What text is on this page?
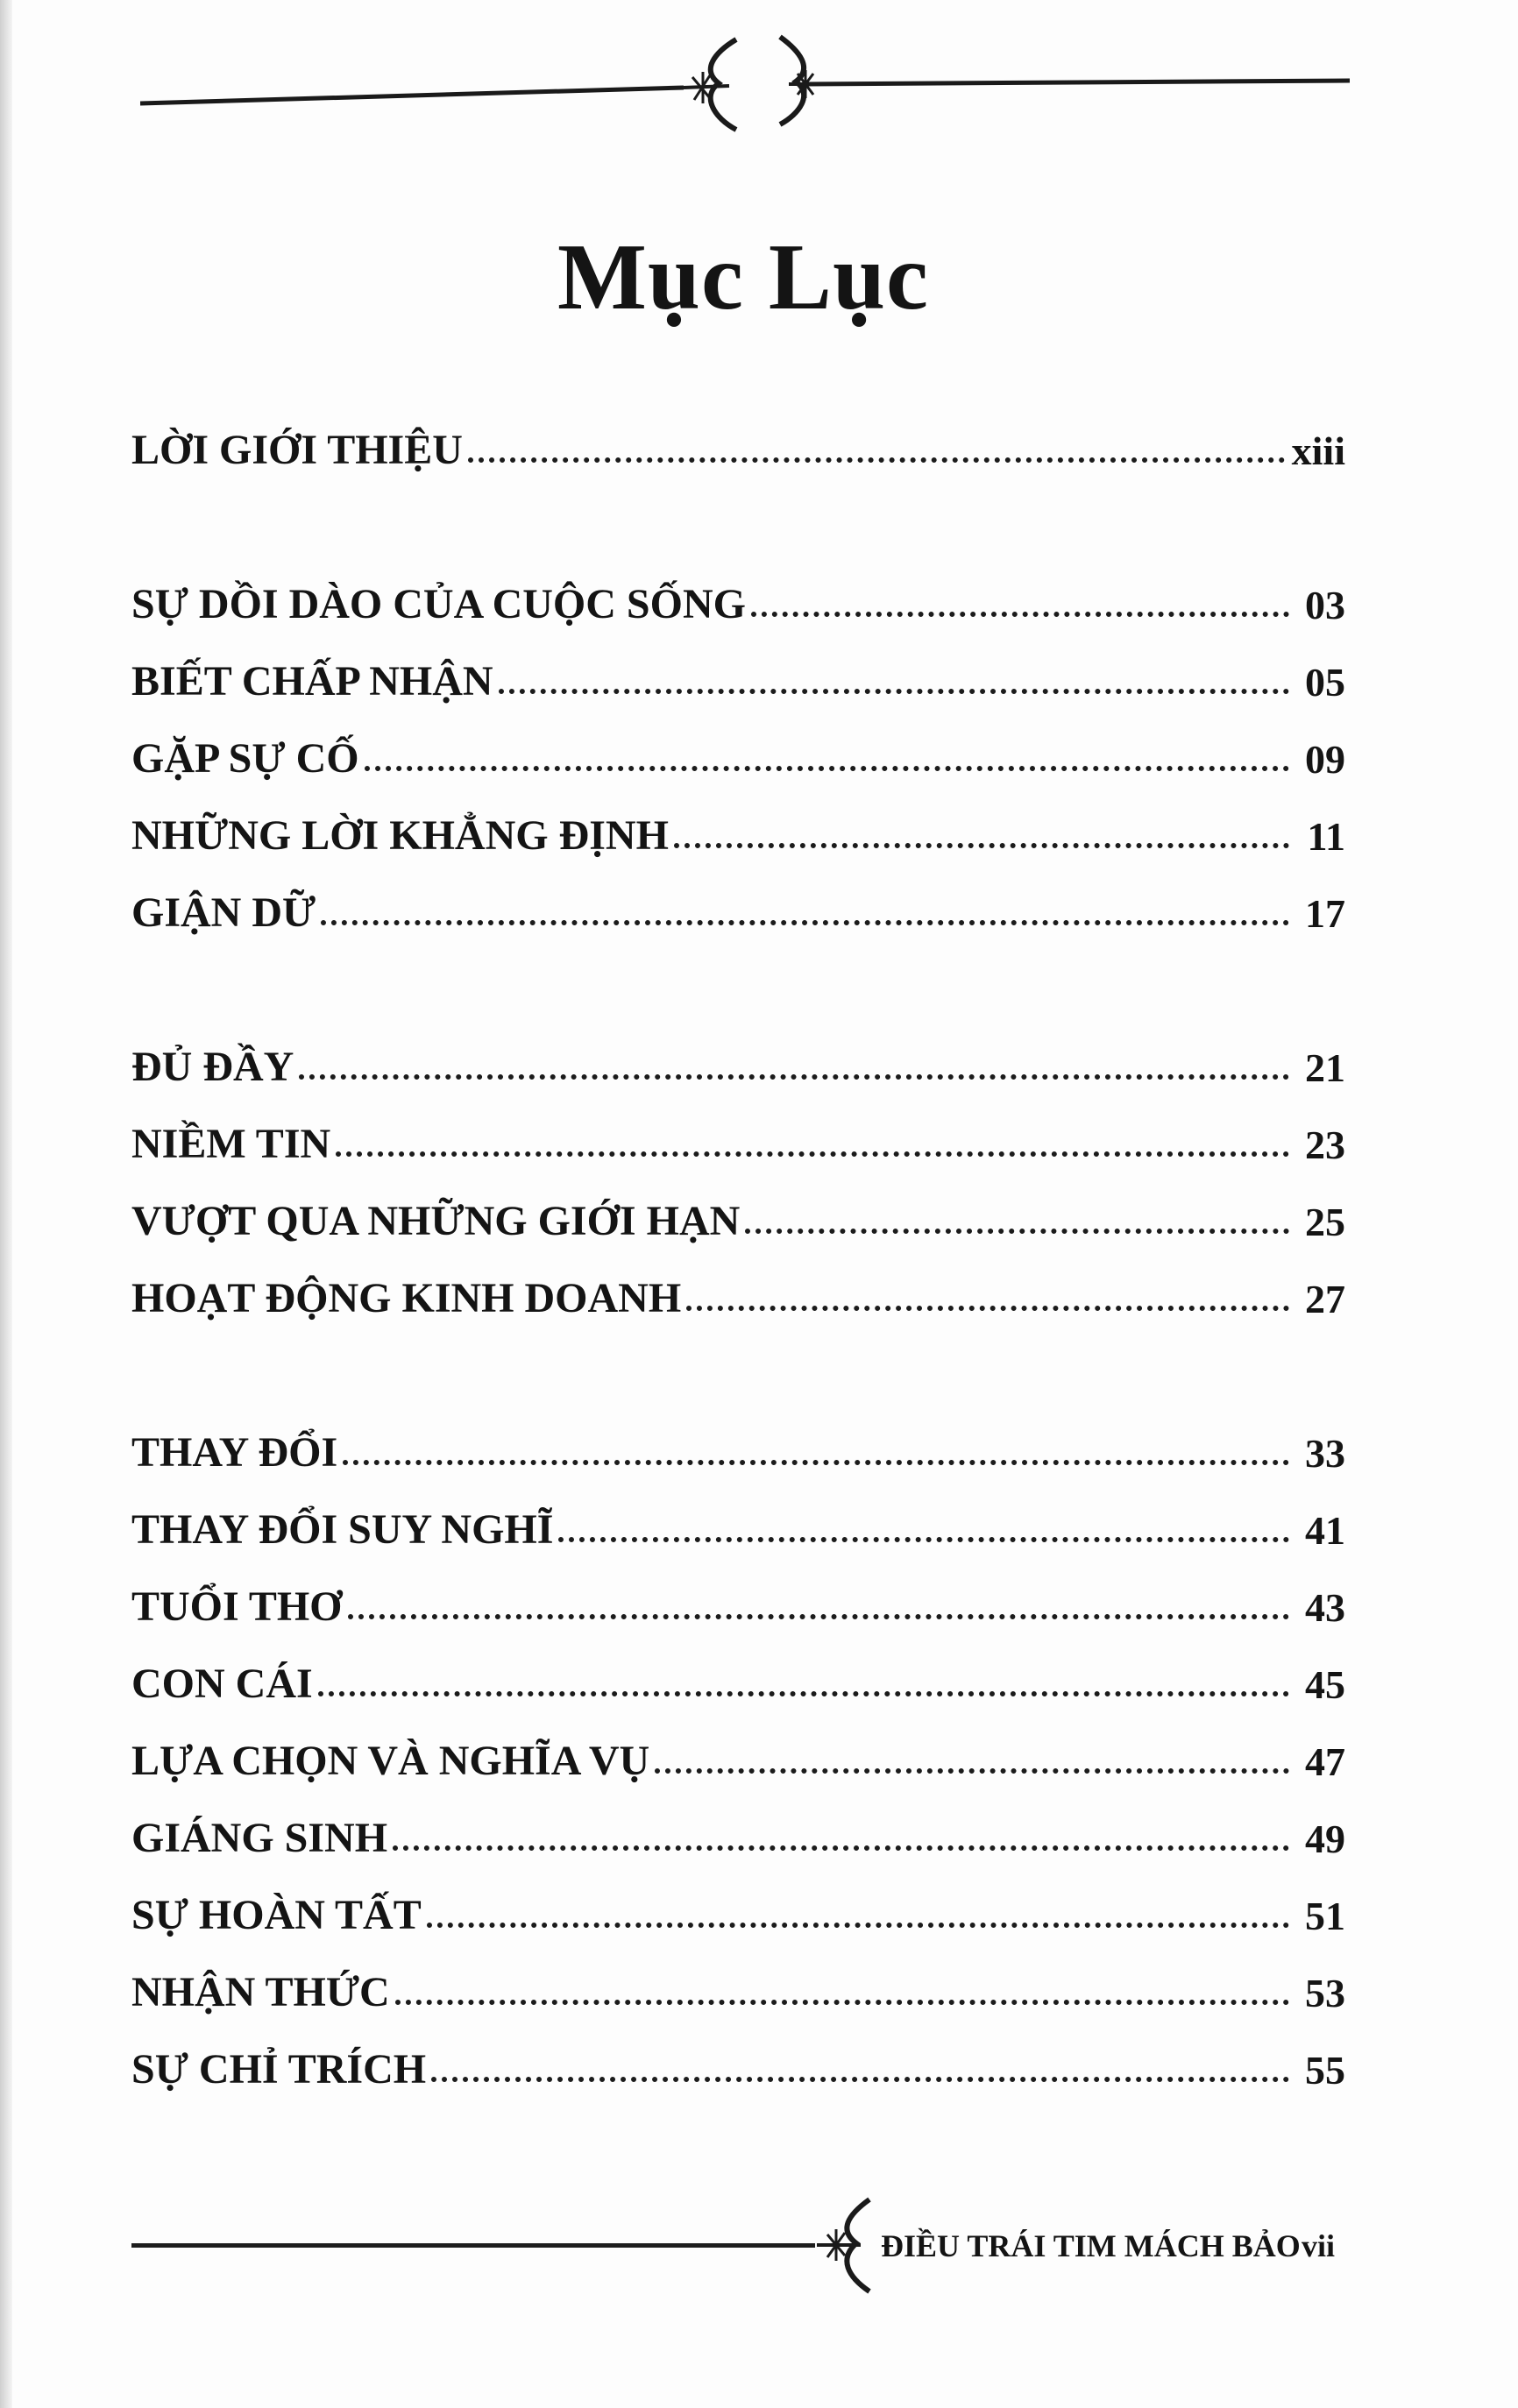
Mục Lục
LỜI GIỚI THIỆU	xiii
SỰ DỒI DÀO CỦA CUỘC SỐNG	03
BIẾT CHẤP NHẬN	05
GẶP SỰ CỐ	09
NHỮNG LỜI KHẲNG ĐỊNH	11
GIẬN DỮ	17
ĐỦ ĐẦY	21
NIỀM TIN	23
VƯỢT QUA NHỮNG GIỚI HẠN	25
HOẠT ĐỘNG KINH DOANH	27
THAY ĐỔI	33
THAY ĐỔI SUY NGHĨ	41
TUỔI THƠ	43
CON CÁI	45
LỰA CHỌN VÀ NGHĨA VỤ	47
GIÁNG SINH	49
SỰ HOÀN TẤT	51
NHẬN THỨC	53
SỰ CHỈ TRÍCH	55
ĐIỀU TRÁI TIM MÁCH BẢO vii
